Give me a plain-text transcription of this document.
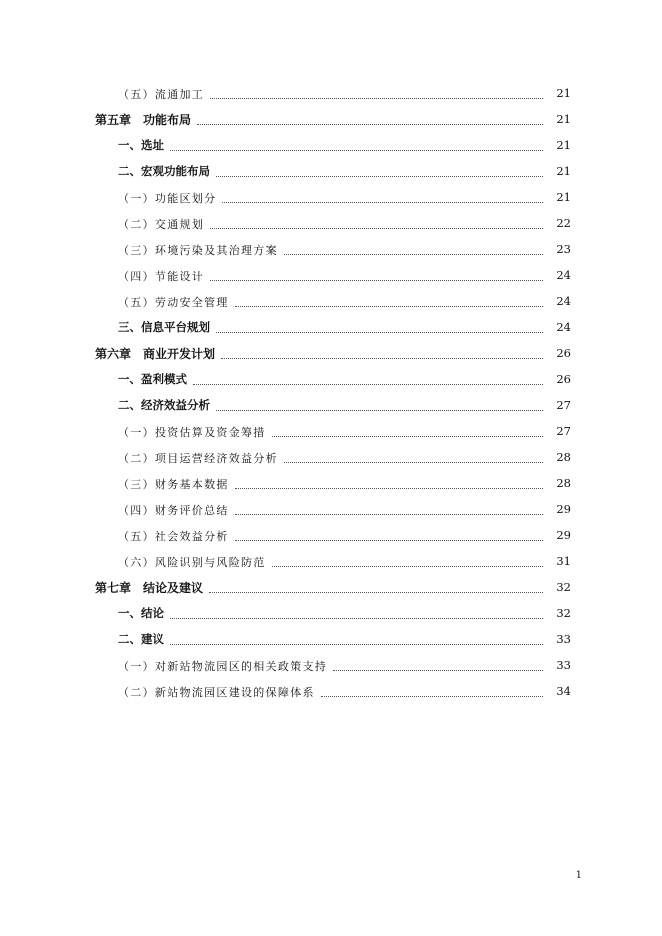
（五）流通加工	21
第五章　功能布局	21
一、选址	21
二、宏观功能布局	21
（一）功能区划分	21
（二）交通规划	22
（三）环境污染及其治理方案	23
（四）节能设计	24
（五）劳动安全管理	24
三、信息平台规划	24
第六章　商业开发计划	26
一、盈利模式	26
二、经济效益分析	27
（一）投资估算及资金筹措	27
（二）项目运营经济效益分析	28
（三）财务基本数据	28
（四）财务评价总结	29
（五）社会效益分析	29
（六）风险识别与风险防范	31
第七章　结论及建议	32
一、结论	32
二、建议	33
（一）对新站物流园区的相关政策支持	33
（二）新站物流园区建设的保障体系	34
1
